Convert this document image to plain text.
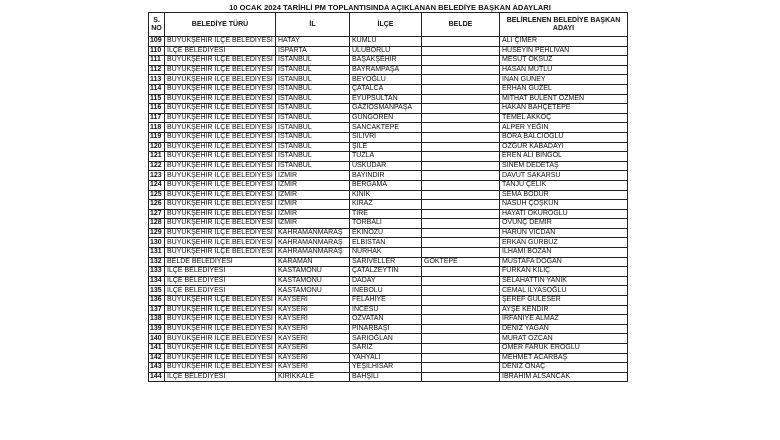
10 OCAK 2024 TARİHLİ PM TOPLANTISINDA AÇIKLANAN BELEDİYE BAŞKAN ADAYLARI
S.
NO	BELEDİYE TÜRÜ	İL	İLÇE	BELDE	BELİRLENEN BELEDİYE BAŞKAN
ADAYI
109	BÜYÜKŞEHİR İLÇE BELEDİYESİ	HATAY	KUMLU		ALİ ÇİMER
110	İLÇE BELEDİYESİ	ISPARTA	ULUBORLU		HÜSEYİN PEHLİVAN
111	BÜYÜKŞEHİR İLÇE BELEDİYESİ	İSTANBUL	BAŞAKŞEHİR		MESUT ÖKSÜZ
112	BÜYÜKŞEHİR İLÇE BELEDİYESİ	İSTANBUL	BAYRAMPAŞA		HASAN MUTLU
113	BÜYÜKŞEHİR İLÇE BELEDİYESİ	İSTANBUL	BEYOĞLU		İNAN GÜNEY
114	BÜYÜKŞEHİR İLÇE BELEDİYESİ	İSTANBUL	ÇATALCA		ERHAN GÜZEL
115	BÜYÜKŞEHİR İLÇE BELEDİYESİ	İSTANBUL	EYÜPSULTAN		MİTHAT BÜLENT ÖZMEN
116	BÜYÜKŞEHİR İLÇE BELEDİYESİ	İSTANBUL	GAZİOSMANPAŞA		HAKAN BAHÇETEPE
117	BÜYÜKŞEHİR İLÇE BELEDİYESİ	İSTANBUL	GÜNGÖREN		TEMEL AKKOÇ
118	BÜYÜKŞEHİR İLÇE BELEDİYESİ	İSTANBUL	SANCAKTEPE		ALPER YEĞİN
119	BÜYÜKŞEHİR İLÇE BELEDİYESİ	İSTANBUL	SİLİVRİ		BORA BALCIOĞLU
120	BÜYÜKŞEHİR İLÇE BELEDİYESİ	İSTANBUL	ŞİLE		ÖZGÜR KABADAYI
121	BÜYÜKŞEHİR İLÇE BELEDİYESİ	İSTANBUL	TUZLA		EREN ALİ BİNGÖL
122	BÜYÜKŞEHİR İLÇE BELEDİYESİ	İSTANBUL	ÜSKÜDAR		SİNEM DEDETAŞ
123	BÜYÜKŞEHİR İLÇE BELEDİYESİ	İZMİR	BAYINDIR		DAVUT SAKARSU
124	BÜYÜKŞEHİR İLÇE BELEDİYESİ	İZMİR	BERGAMA		TANJU ÇELİK
125	BÜYÜKŞEHİR İLÇE BELEDİYESİ	İZMİR	KINIK		SEMA BODUR
126	BÜYÜKŞEHİR İLÇE BELEDİYESİ	İZMİR	KİRAZ		NASUH ÇOŞKUN
127	BÜYÜKŞEHİR İLÇE BELEDİYESİ	İZMİR	TİRE		HAYATİ OKUROĞLU
128	BÜYÜKŞEHİR İLÇE BELEDİYESİ	İZMİR	TORBALI		ÖVÜNÇ DEMİR
129	BÜYÜKŞEHİR İLÇE BELEDİYESİ	KAHRAMANMARAŞ	EKİNÖZÜ		HARUN VICDAN
130	BÜYÜKŞEHİR İLÇE BELEDİYESİ	KAHRAMANMARAŞ	ELBİSTAN		ERKAN GÜRBÜZ
131	BÜYÜKŞEHİR İLÇE BELEDİYESİ	KAHRAMANMARAŞ	NURHAK		İLHAMİ BOZAN
132	BELDE BELEDİYESİ	KARAMAN	SARIVELLER	GÖKTEPE	MUSTAFA DOĞAN
133	İLÇE BELEDİYESİ	KASTAMONU	ÇATALZEYTİN		FURKAN KILIÇ
134	İLÇE BELEDİYESİ	KASTAMONU	DADAY		SELAHATTİN YANIK
135	İLÇE BELEDİYESİ	KASTAMONU	İNEBOLU		CEMAL İLYASOĞLU
136	BÜYÜKŞEHİR İLÇE BELEDİYESİ	KAYSERİ	FELAHİYE		ŞEREF GÜLESER
137	BÜYÜKŞEHİR İLÇE BELEDİYESİ	KAYSERİ	İNCESU		AYŞE KENDİR
138	BÜYÜKŞEHİR İLÇE BELEDİYESİ	KAYSERİ	ÖZVATAN		İRFANİYE ALMAZ
139	BÜYÜKŞEHİR İLÇE BELEDİYESİ	KAYSERİ	PINARBAŞI		DENİZ YAĞAN
140	BÜYÜKŞEHİR İLÇE BELEDİYESİ	KAYSERİ	SARIOĞLAN		MURAT ÖZCAN
141	BÜYÜKŞEHİR İLÇE BELEDİYESİ	KAYSERİ	SARIZ		ÖMER FARUK EROĞLU
142	BÜYÜKŞEHİR İLÇE BELEDİYESİ	KAYSERİ	YAHYALI		MEHMET ACARBAŞ
143	BÜYÜKŞEHİR İLÇE BELEDİYESİ	KAYSERİ	YEŞİLHİSAR		DENİZ ONAÇ
144	İLÇE BELEDİYESİ	KIRIKKALE	BAHŞİLİ		İBRAHİM ALSANCAK
